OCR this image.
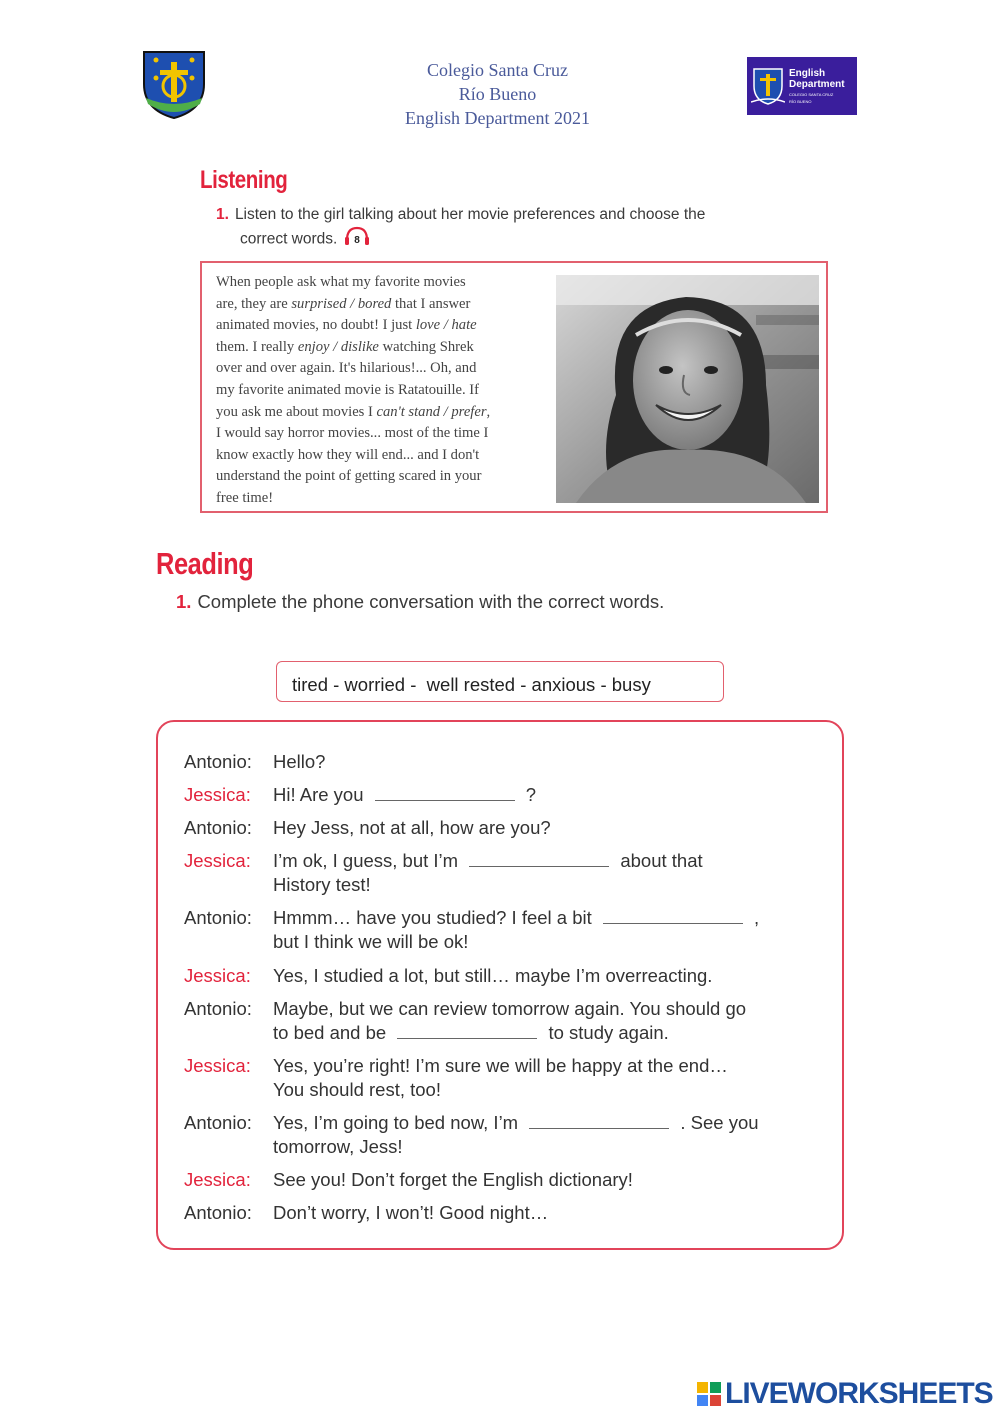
Colegio Santa Cruz
Río Bueno
English Department 2021
English
Department
COLEGIO SANTA CRUZ
RÍO BUENO
Listening
1. Listen to the girl talking about her movie preferences and choose the
correct words. 8
When people ask what my favorite movies
are, they are surprised / bored that I answer
animated movies, no doubt! I just love / hate
them. I really enjoy / dislike watching Shrek
over and over again. It's hilarious!... Oh, and
my favorite animated movie is Ratatouille. If
you ask me about movies I can't stand / prefer,
I would say horror movies... most of the time I
know exactly how they will end... and I don't
understand the point of getting scared in your
free time!
Reading
1. Complete the phone conversation with the correct words.
tired - worried -  well rested - anxious - busy
Antonio:	Hello?
Jessica:	Hi! Are you	?
Antonio:	Hey Jess, not at all, how are you?
Jessica:	I’m ok, I guess, but I’m	about that
History test!
Antonio:	Hmmm… have you studied? I feel a bit	,
but I think we will be ok!
Jessica:	Yes, I studied a lot, but still… maybe I’m overreacting.
Antonio:	Maybe, but we can review tomorrow again. You should go
to bed and be	to study again.
Jessica:	Yes, you’re right! I’m sure we will be happy at the end…
You should rest, too!
Antonio:	Yes, I’m going to bed now, I’m	. See you
tomorrow, Jess!
Jessica:	See you! Don’t forget the English dictionary!
Antonio:	Don’t worry, I won’t! Good night…
LIVEWORKSHEETS
